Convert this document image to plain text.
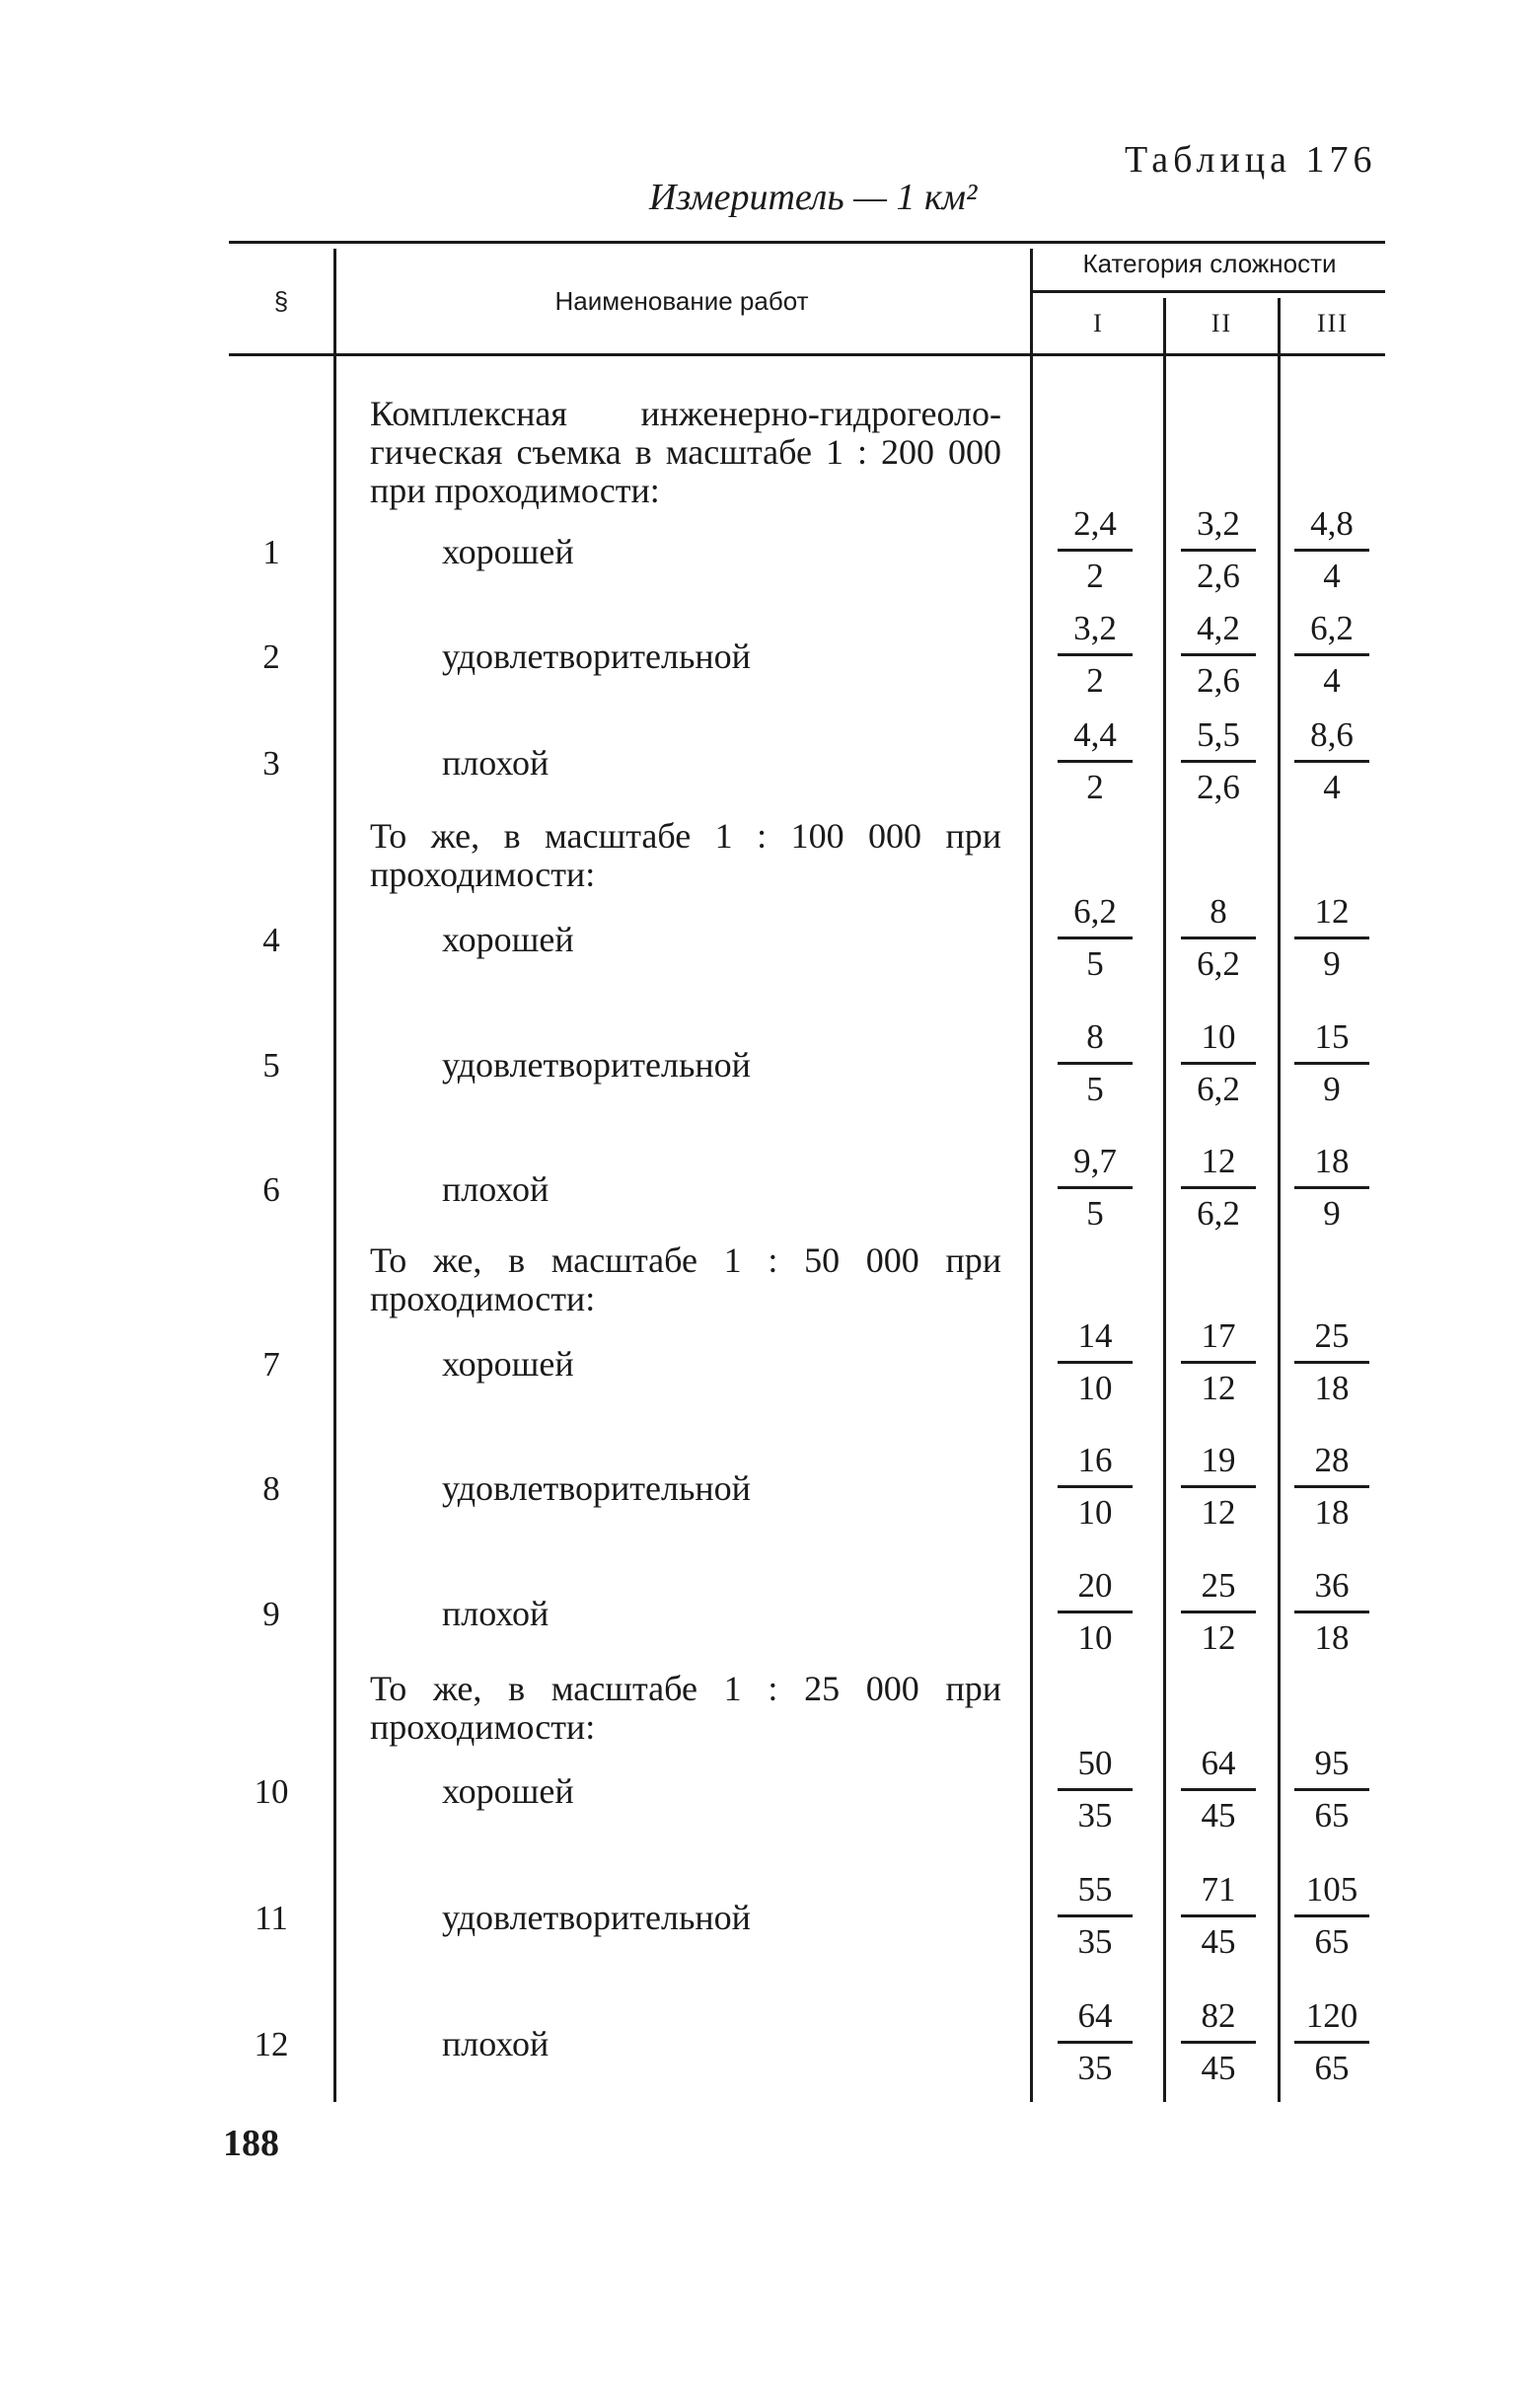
Таблица 176
Измеритель — 1 км²
§	Наименование работ
Категория сложности
I	II	III
Комплексная инженерно-гидрогеоло-
гическая съемка в масштабе 1 : 200 000
при проходимости:
1	хорошей	$\frac{2,4}{2} \frac{3,2}{2,6} \frac{4,8}{4}$
2	удовлетворительной	$\frac{3,2}{2} \frac{4,2}{2,6} \frac{6,2}{4}$
3	плохой	$\frac{4,4}{2} \frac{5,5}{2,6} \frac{8,6}{4}$
То же, в масштабе 1 : 100 000 при
проходимости:
4	хорошей	$\frac{6,2}{5} \frac{8}{6,2} \frac{12}{9}$
5	удовлетворительной	$\frac{8}{5} \frac{10}{6,2} \frac{15}{9}$
6	плохой	$\frac{9,7}{5} \frac{12}{6,2} \frac{18}{9}$
То же, в масштабе 1 : 50 000 при
проходимости:
7	хорошей	$\frac{14}{10} \frac{17}{12} \frac{25}{18}$
8	удовлетворительной	$\frac{16}{10} \frac{19}{12} \frac{28}{18}$
9	плохой	$\frac{20}{10} \frac{25}{12} \frac{36}{18}$
То же, в масштабе 1 : 25 000 при
проходимости:
10	хорошей	$\frac{50}{35} \frac{64}{45} \frac{95}{65}$
11	удовлетворительной	$\frac{55}{35} \frac{71}{45} \frac{105}{65}$
12	плохой	$\frac{64}{35} \frac{82}{45} \frac{120}{65}$
188
